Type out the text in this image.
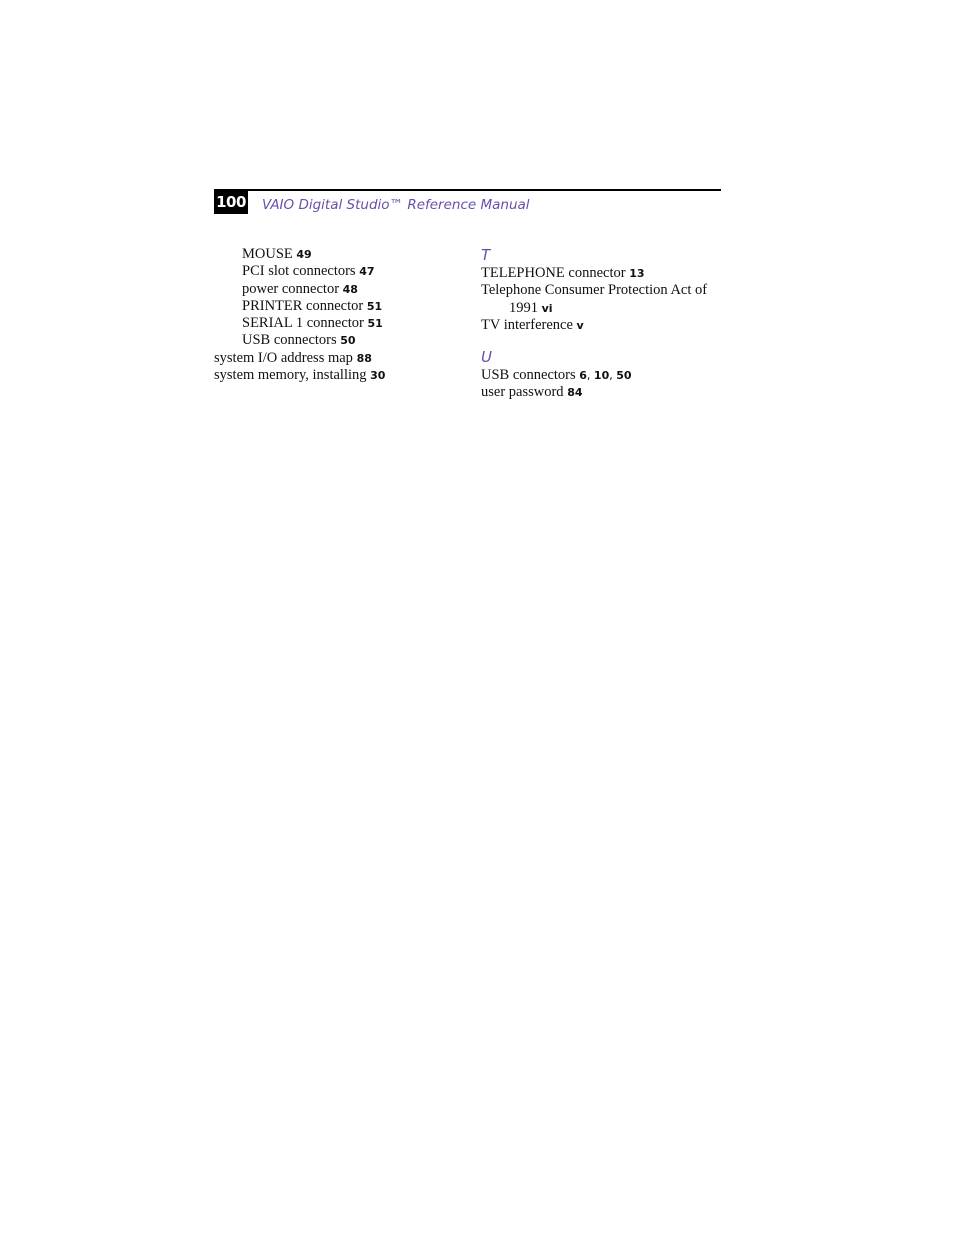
100 VAIO Digital Studio™ Reference Manual
MOUSE 49
PCI slot connectors 47
power connector 48
PRINTER connector 51
SERIAL 1 connector 51
USB connectors 50
system I/O address map 88
system memory, installing 30
T
TELEPHONE connector 13
Telephone Consumer Protection Act of
1991 vi
TV interference v
U
USB connectors 6, 10, 50
user password 84
